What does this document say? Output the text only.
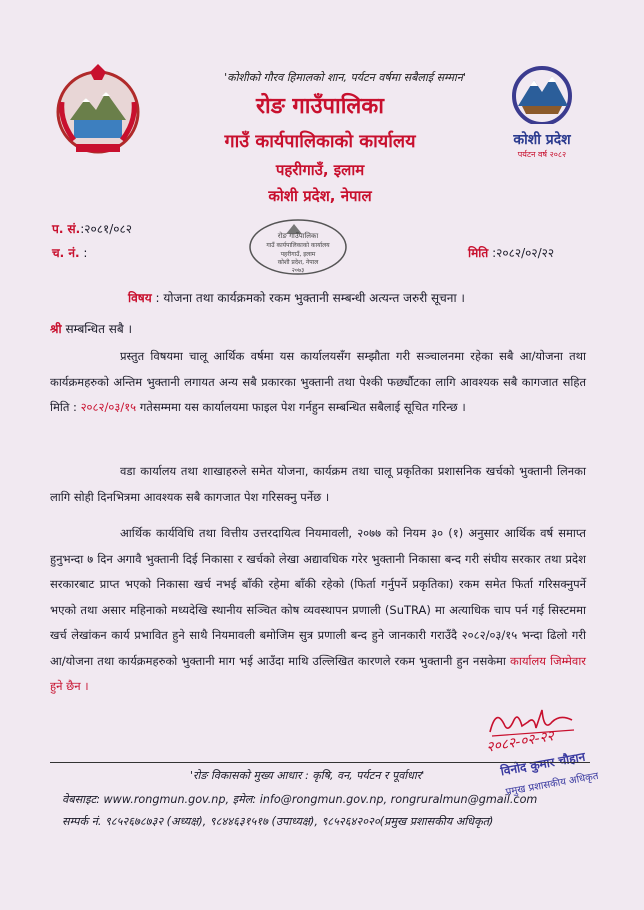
कोशी प्रदेश
पर्यटन वर्ष २०८२
'कोशीको गौरव हिमालको शान, पर्यटन वर्षमा सबैलाई सम्मान'
रोङ गाउँपालिका
गाउँ कार्यपालिकाको कार्यालय
पहरीगाउँ, इलाम
कोशी प्रदेश, नेपाल
प. सं.:२०८१/०८२
च. नं. :	मिति :२०८२/०२/२२
रोङ गाउँपालिका
गाउँ कार्यपालिकाको कार्यालय
पहरीगाउँ, इलाम
कोशी प्रदेश, नेपाल
२०७३
विषय : योजना तथा कार्यक्रमको रकम भुक्तानी सम्बन्धी अत्यन्त जरुरी सूचना ।
श्री सम्बन्धित सबै ।
प्रस्तुत विषयमा चालू आर्थिक वर्षमा यस कार्यालयसँग सम्झौता गरी सञ्चालनमा रहेका सबै आ/योजना तथा कार्यक्रमहरुको अन्तिम भुक्तानी लगायत अन्य सबै प्रकारका भुक्तानी तथा पेश्की फर्छ्यौटका लागि आवश्यक सबै कागजात सहित मिति : २०८२/०३/१५ गतेसम्ममा यस कार्यालयमा फाइल पेश गर्नहुन सम्बन्धित सबैलाई सूचित गरिन्छ ।
वडा कार्यालय तथा शाखाहरुले समेत योजना, कार्यक्रम तथा चालू प्रकृतिका प्रशासनिक खर्चको भुक्तानी लिनका लागि सोही दिनभित्रमा आवश्यक सबै कागजात पेश गरिसक्नु पर्नेछ ।
आर्थिक कार्यविधि तथा वित्तीय उत्तरदायित्व नियमावली, २०७७ को नियम ३० (१) अनुसार आर्थिक वर्ष समाप्त हुनुभन्दा ७ दिन अगावै भुक्तानी दिई निकासा र खर्चको लेखा अद्यावधिक गरेर भुक्तानी निकासा बन्द गरी संघीय सरकार तथा प्रदेश सरकारबाट प्राप्त भएको निकासा खर्च नभई बाँकी रहेमा बाँकी रहेको (फिर्ता गर्नुपर्ने प्रकृतिका) रकम समेत फिर्ता गरिसक्नुपर्ने भएको तथा असार महिनाको मध्यदेखि स्थानीय सञ्चित कोष व्यवस्थापन प्रणाली (SuTRA) मा अत्याधिक चाप पर्न गई सिस्टममा खर्च लेखांकन कार्य प्रभावित हुने साथै नियमावली बमोजिम सुत्र प्रणाली बन्द हुने जानकारी गराउँदै २०८२/०३/१५ भन्दा ढिलो गरी आ/योजना तथा कार्यक्रमहरुको भुक्तानी माग भई आउँदा माथि उल्लिखित कारणले रकम भुक्तानी हुन नसकेमा कार्यालय जिम्मेवार हुने छैन ।
२०८२-०२-२२
विनोद कुमार चौहान
प्रमुख प्रशासकीय अधिकृत
'रोङ विकासको मुख्य आधार : कृषि, वन, पर्यटन र पूर्वाधार'
वेबसाइट: www.rongmun.gov.np, इमेल: info@rongmun.gov.np, rongruralmun@gmail.com
सम्पर्क नं. ९८५२६७८७३२ (अध्यक्ष), ९८४४६३१५१७ (उपाध्यक्ष), ९८५२६४२०२०(प्रमुख प्रशासकीय अधिकृत)
